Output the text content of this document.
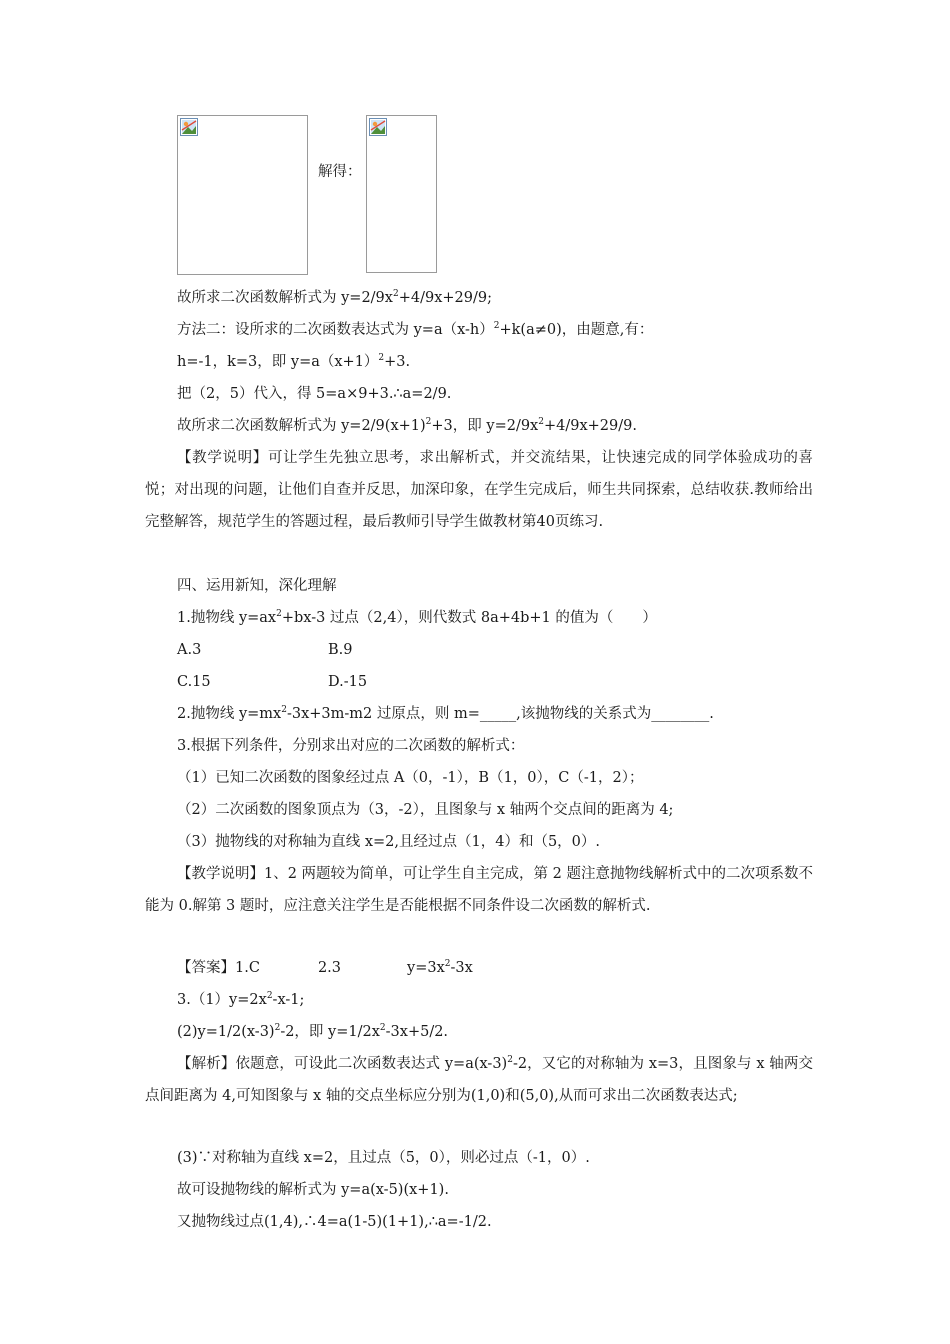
解得：
故所求二次函数解析式为 $y=2/9x^2+4/9x+29/9$;
方法二：设所求的二次函数表达式为 $y=a(x-h)^2+k(a\ne 0)$，由题意,有：
h=-1，k=3，即 $y=a(x+1)^2+3$.
把（2，5）代入，得 5=a×9+3.∴a=2/9.
故所求二次函数解析式为 $y=2/9(x+1)^2+3$，即 $y=2/9x^2+4/9x+29/9$.
【教学说明】可让学生先独立思考，求出解析式，并交流结果，让快速完成的同学体验成功的喜悦；对出现的问题，让他们自查并反思，加深印象，在学生完成后，师生共同探索，总结收获.教师给出完整解答，规范学生的答题过程，最后教师引导学生做教材第40页练习.
四、运用新知，深化理解
1.抛物线 $y=ax^2+bx-3$ 过点（2,4），则代数式 8a+4b+1 的值为（　　）
A.3	B.9
C.15	D.-15
2.抛物线 $y=mx^2-3x+3m-m2$ 过原点，则 m=_____,该抛物线的关系式为________.
3.根据下列条件，分别求出对应的二次函数的解析式：
（1）已知二次函数的图象经过点 A（0，-1），B（1，0），C（-1，2）；
（2）二次函数的图象顶点为（3，-2），且图象与 x 轴两个交点间的距离为 4;
（3）抛物线的对称轴为直线 x=2,且经过点（1，4）和（5，0）.
【教学说明】1、2 两题较为简单，可让学生自主完成，第 2 题注意抛物线解析式中的二次项系数不能为 0.解第 3 题时，应注意关注学生是否能根据不同条件设二次函数的解析式.
【答案】1.C	2.3	$y=3x^2-3x$
$3.(1)y=2x^2-x-1$;
$(2)y=1/2(x-3)^2-2$，即 $y=1/2x^2-3x+5/2$.
【解析】依题意，可设此二次函数表达式 $y=a(x-3)^2-2$，又它的对称轴为 x=3，且图象与 x 轴两交点间距离为 4,可知图象与 x 轴的交点坐标应分别为(1,0)和(5,0),从而可求出二次函数表达式;
(3)∵对称轴为直线 x=2，且过点（5，0），则必过点（-1，0）.
故可设抛物线的解析式为 y=a(x-5)(x+1).
又抛物线过点(1,4),∴4=a(1-5)(1+1),∴a=-1/2.
